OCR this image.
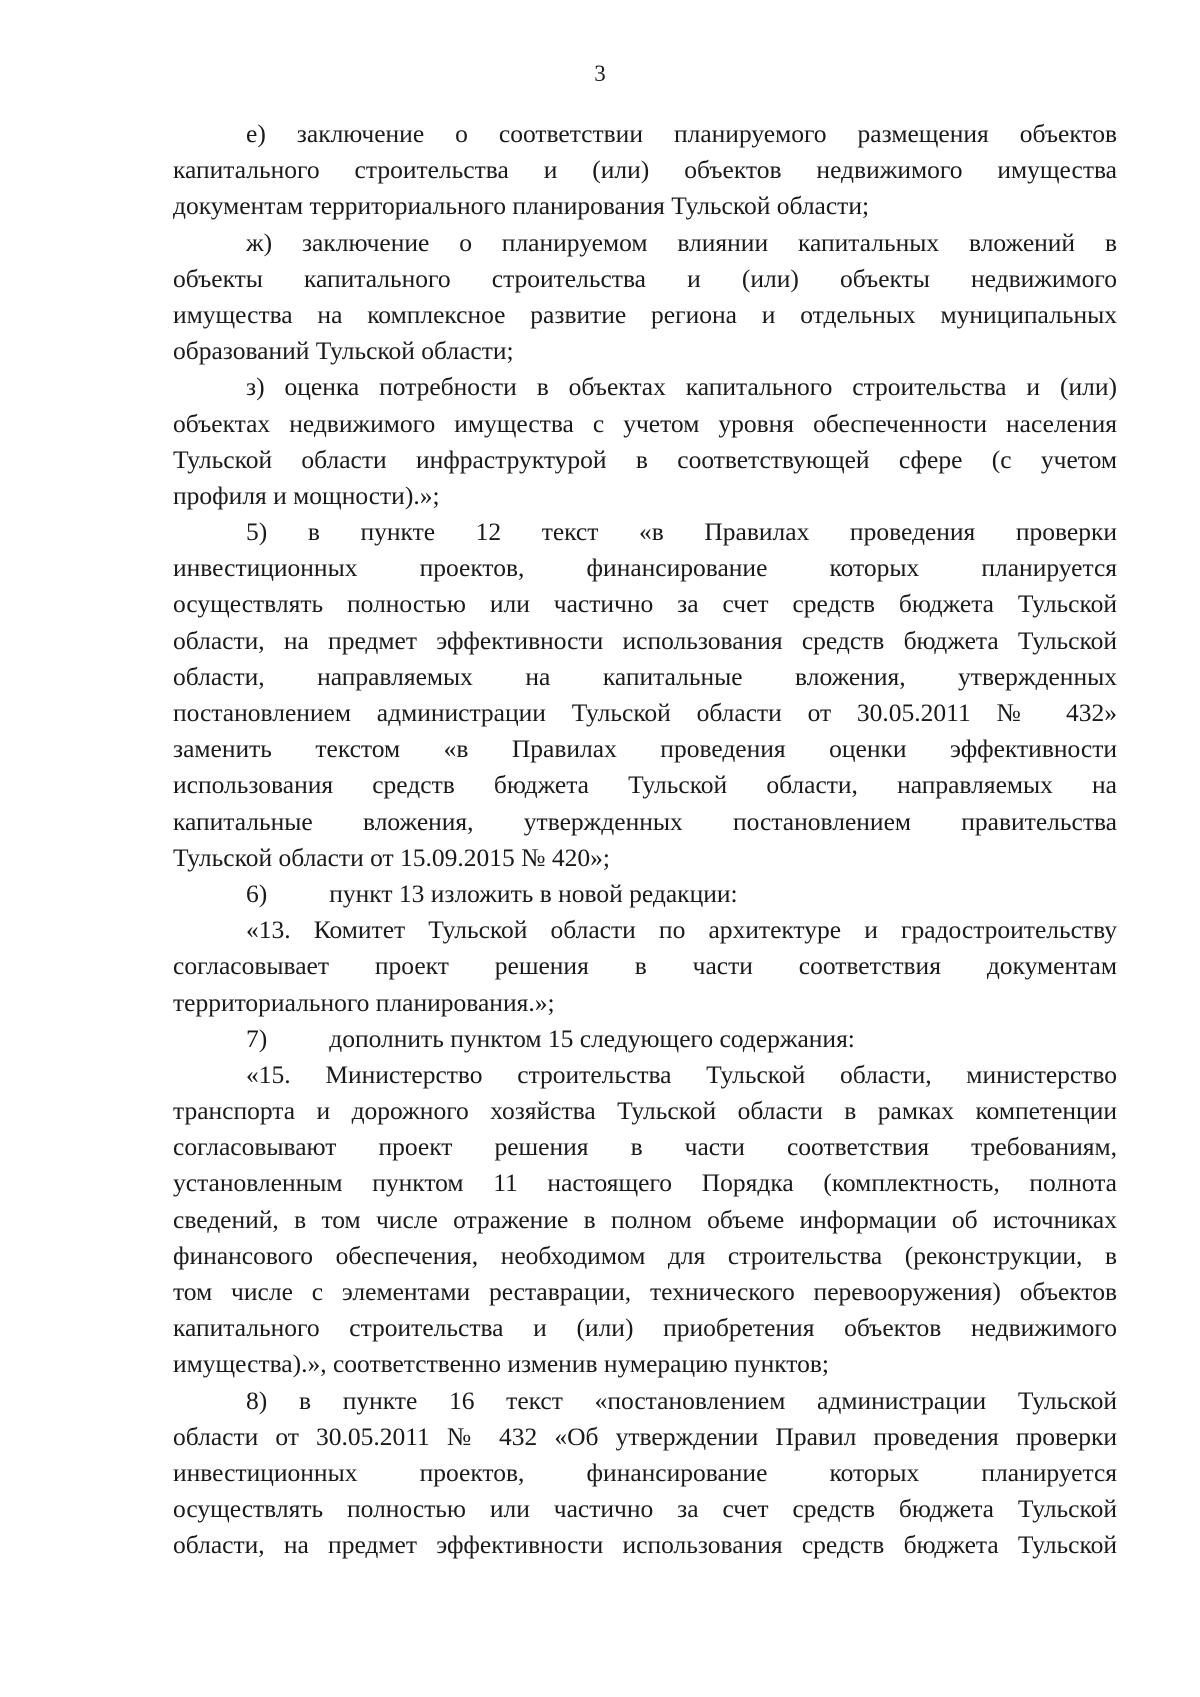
3
е) заключение о соответствии планируемого размещения объектов
капитального строительства и (или) объектов недвижимого имущества
документам территориального планирования Тульской области;
ж) заключение о планируемом влиянии капитальных вложений в
объекты капитального строительства и (или) объекты недвижимого
имущества на комплексное развитие региона и отдельных муниципальных
образований Тульской области;
з) оценка потребности в объектах капитального строительства и (или)
объектах недвижимого имущества с учетом уровня обеспеченности населения
Тульской области инфраструктурой в соответствующей сфере (с учетом
профиля и мощности).»;
5) в пункте 12 текст «в Правилах проведения проверки
инвестиционных проектов, финансирование которых планируется
осуществлять полностью или частично за счет средств бюджета Тульской
области, на предмет эффективности использования средств бюджета Тульской
области, направляемых на капитальные вложения, утвержденных
постановлением администрации Тульской области от 30.05.2011 № 432»
заменить текстом «в Правилах проведения оценки эффективности
использования средств бюджета Тульской области, направляемых на
капитальные вложения, утвержденных постановлением правительства
Тульской области от 15.09.2015 № 420»;
6) пункт 13 изложить в новой редакции:
«13. Комитет Тульской области по архитектуре и градостроительству
согласовывает проект решения в части соответствия документам
территориального планирования.»;
7) дополнить пунктом 15 следующего содержания:
«15. Министерство строительства Тульской области, министерство
транспорта и дорожного хозяйства Тульской области в рамках компетенции
согласовывают проект решения в части соответствия требованиям,
установленным пунктом 11 настоящего Порядка (комплектность, полнота
сведений, в том числе отражение в полном объеме информации об источниках
финансового обеспечения, необходимом для строительства (реконструкции, в
том числе с элементами реставрации, технического перевооружения) объектов
капитального строительства и (или) приобретения объектов недвижимого
имущества).», соответственно изменив нумерацию пунктов;
8) в пункте 16 текст «постановлением администрации Тульской
области от 30.05.2011 № 432 «Об утверждении Правил проведения проверки
инвестиционных проектов, финансирование которых планируется
осуществлять полностью или частично за счет средств бюджета Тульской
области, на предмет эффективности использования средств бюджета Тульской
